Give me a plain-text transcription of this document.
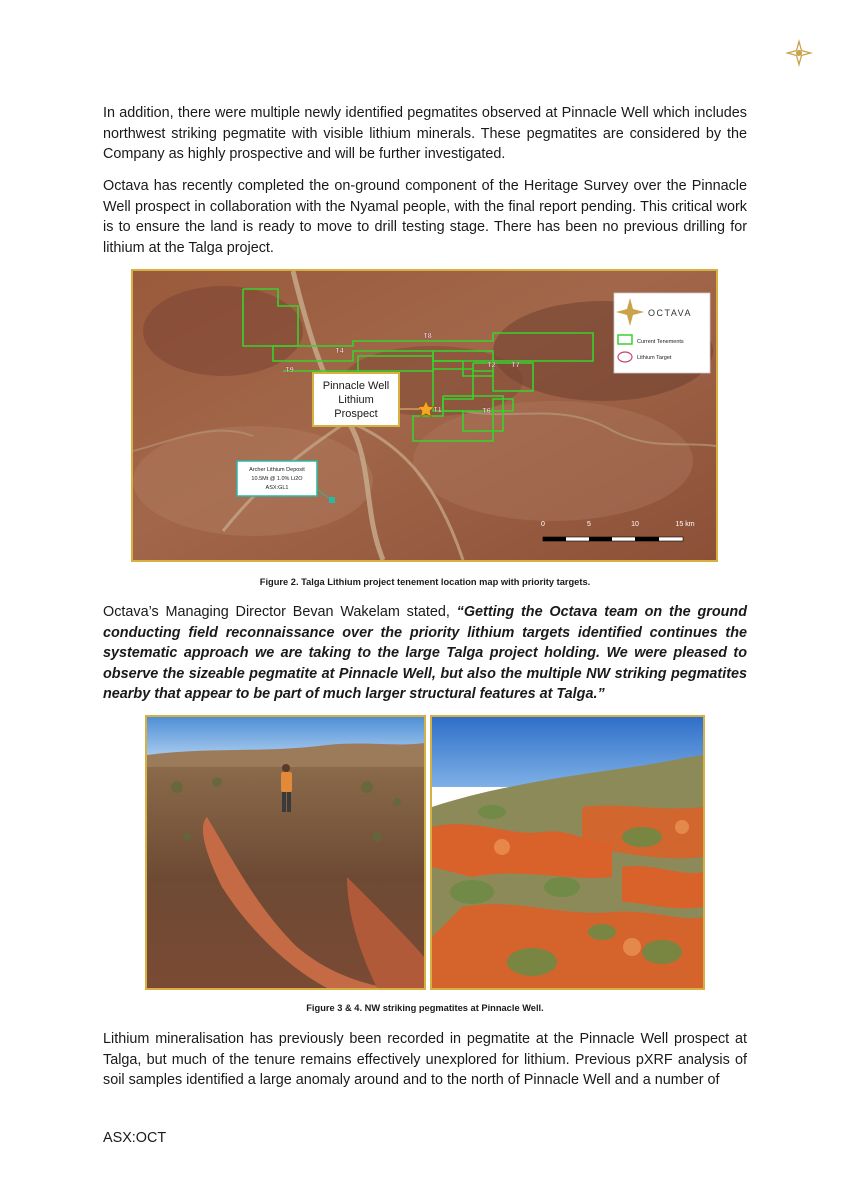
In addition, there were multiple newly identified pegmatites observed at Pinnacle Well which includes northwest striking pegmatite with visible lithium minerals. These pegmatites are considered by the Company as highly prospective and will be further investigated.

Octava has recently completed the on-ground component of the Heritage Survey over the Pinnacle Well prospect in collaboration with the Nyamal people, with the final report pending. This critical work is to ensure the land is ready to move to drill testing stage. There has been no previous drilling for lithium at the Talga project.

T8
T4
T9
T2 T7
T1	T6
Pinnacle Well
Lithium
Prospect
Archer Lithium Deposit
10.5Mt @ 1.0% Li2O
ASX:GL1
OCTAVA
Current Tenements
Lithium Target
0	5	10	15 km

Figure 2. Talga Lithium project tenement location map with priority targets.

Octava’s Managing Director Bevan Wakelam stated, “Getting the Octava team on the ground conducting field reconnaissance over the priority lithium targets identified continues the systematic approach we are taking to the large Talga project holding. We were pleased to observe the sizeable pegmatite at Pinnacle Well, but also the multiple NW striking pegmatites nearby that appear to be part of much larger structural features at Talga.”

Figure 3 & 4. NW striking pegmatites at Pinnacle Well.

Lithium mineralisation has previously been recorded in pegmatite at the Pinnacle Well prospect at Talga, but much of the tenure remains effectively unexplored for lithium. Previous pXRF analysis of soil samples identified a large anomaly around and to the north of Pinnacle Well and a number of

ASX:OCT
